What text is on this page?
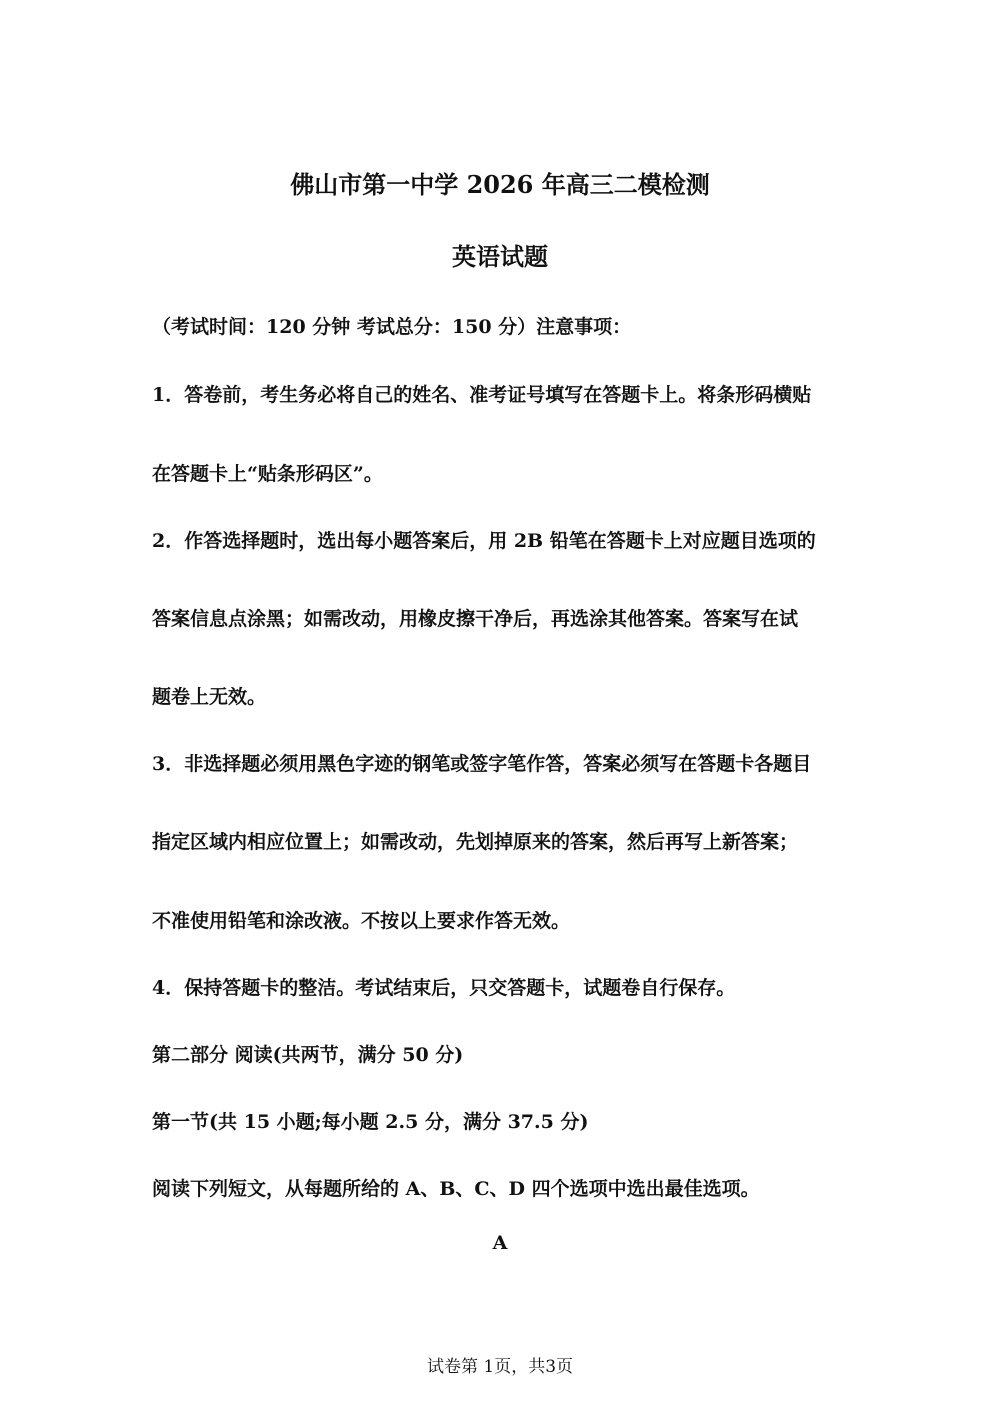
佛山市第一中学 2026 年高三二模检测
英语试题

（考试时间：120 分钟 考试总分：150 分）注意事项：

1．答卷前，考生务必将自己的姓名、准考证号填写在答题卡上。将条形码横贴

在答题卡上“贴条形码区”。

2．作答选择题时，选出每小题答案后，用 2B 铅笔在答题卡上对应题目选项的

答案信息点涂黑；如需改动，用橡皮擦干净后，再选涂其他答案。答案写在试

题卷上无效。

3．非选择题必须用黑色字迹的钢笔或签字笔作答，答案必须写在答题卡各题目

指定区域内相应位置上；如需改动，先划掉原来的答案，然后再写上新答案；

不准使用铅笔和涂改液。不按以上要求作答无效。

4．保持答题卡的整洁。考试结束后，只交答题卡，试题卷自行保存。

第二部分 阅读(共两节，满分 50 分)

第一节(共 15 小题;每小题 2.5 分，满分 37.5 分)

阅读下列短文，从每题所给的 A、B、C、D 四个选项中选出最佳选项。

A

试卷第 1页，共3页
